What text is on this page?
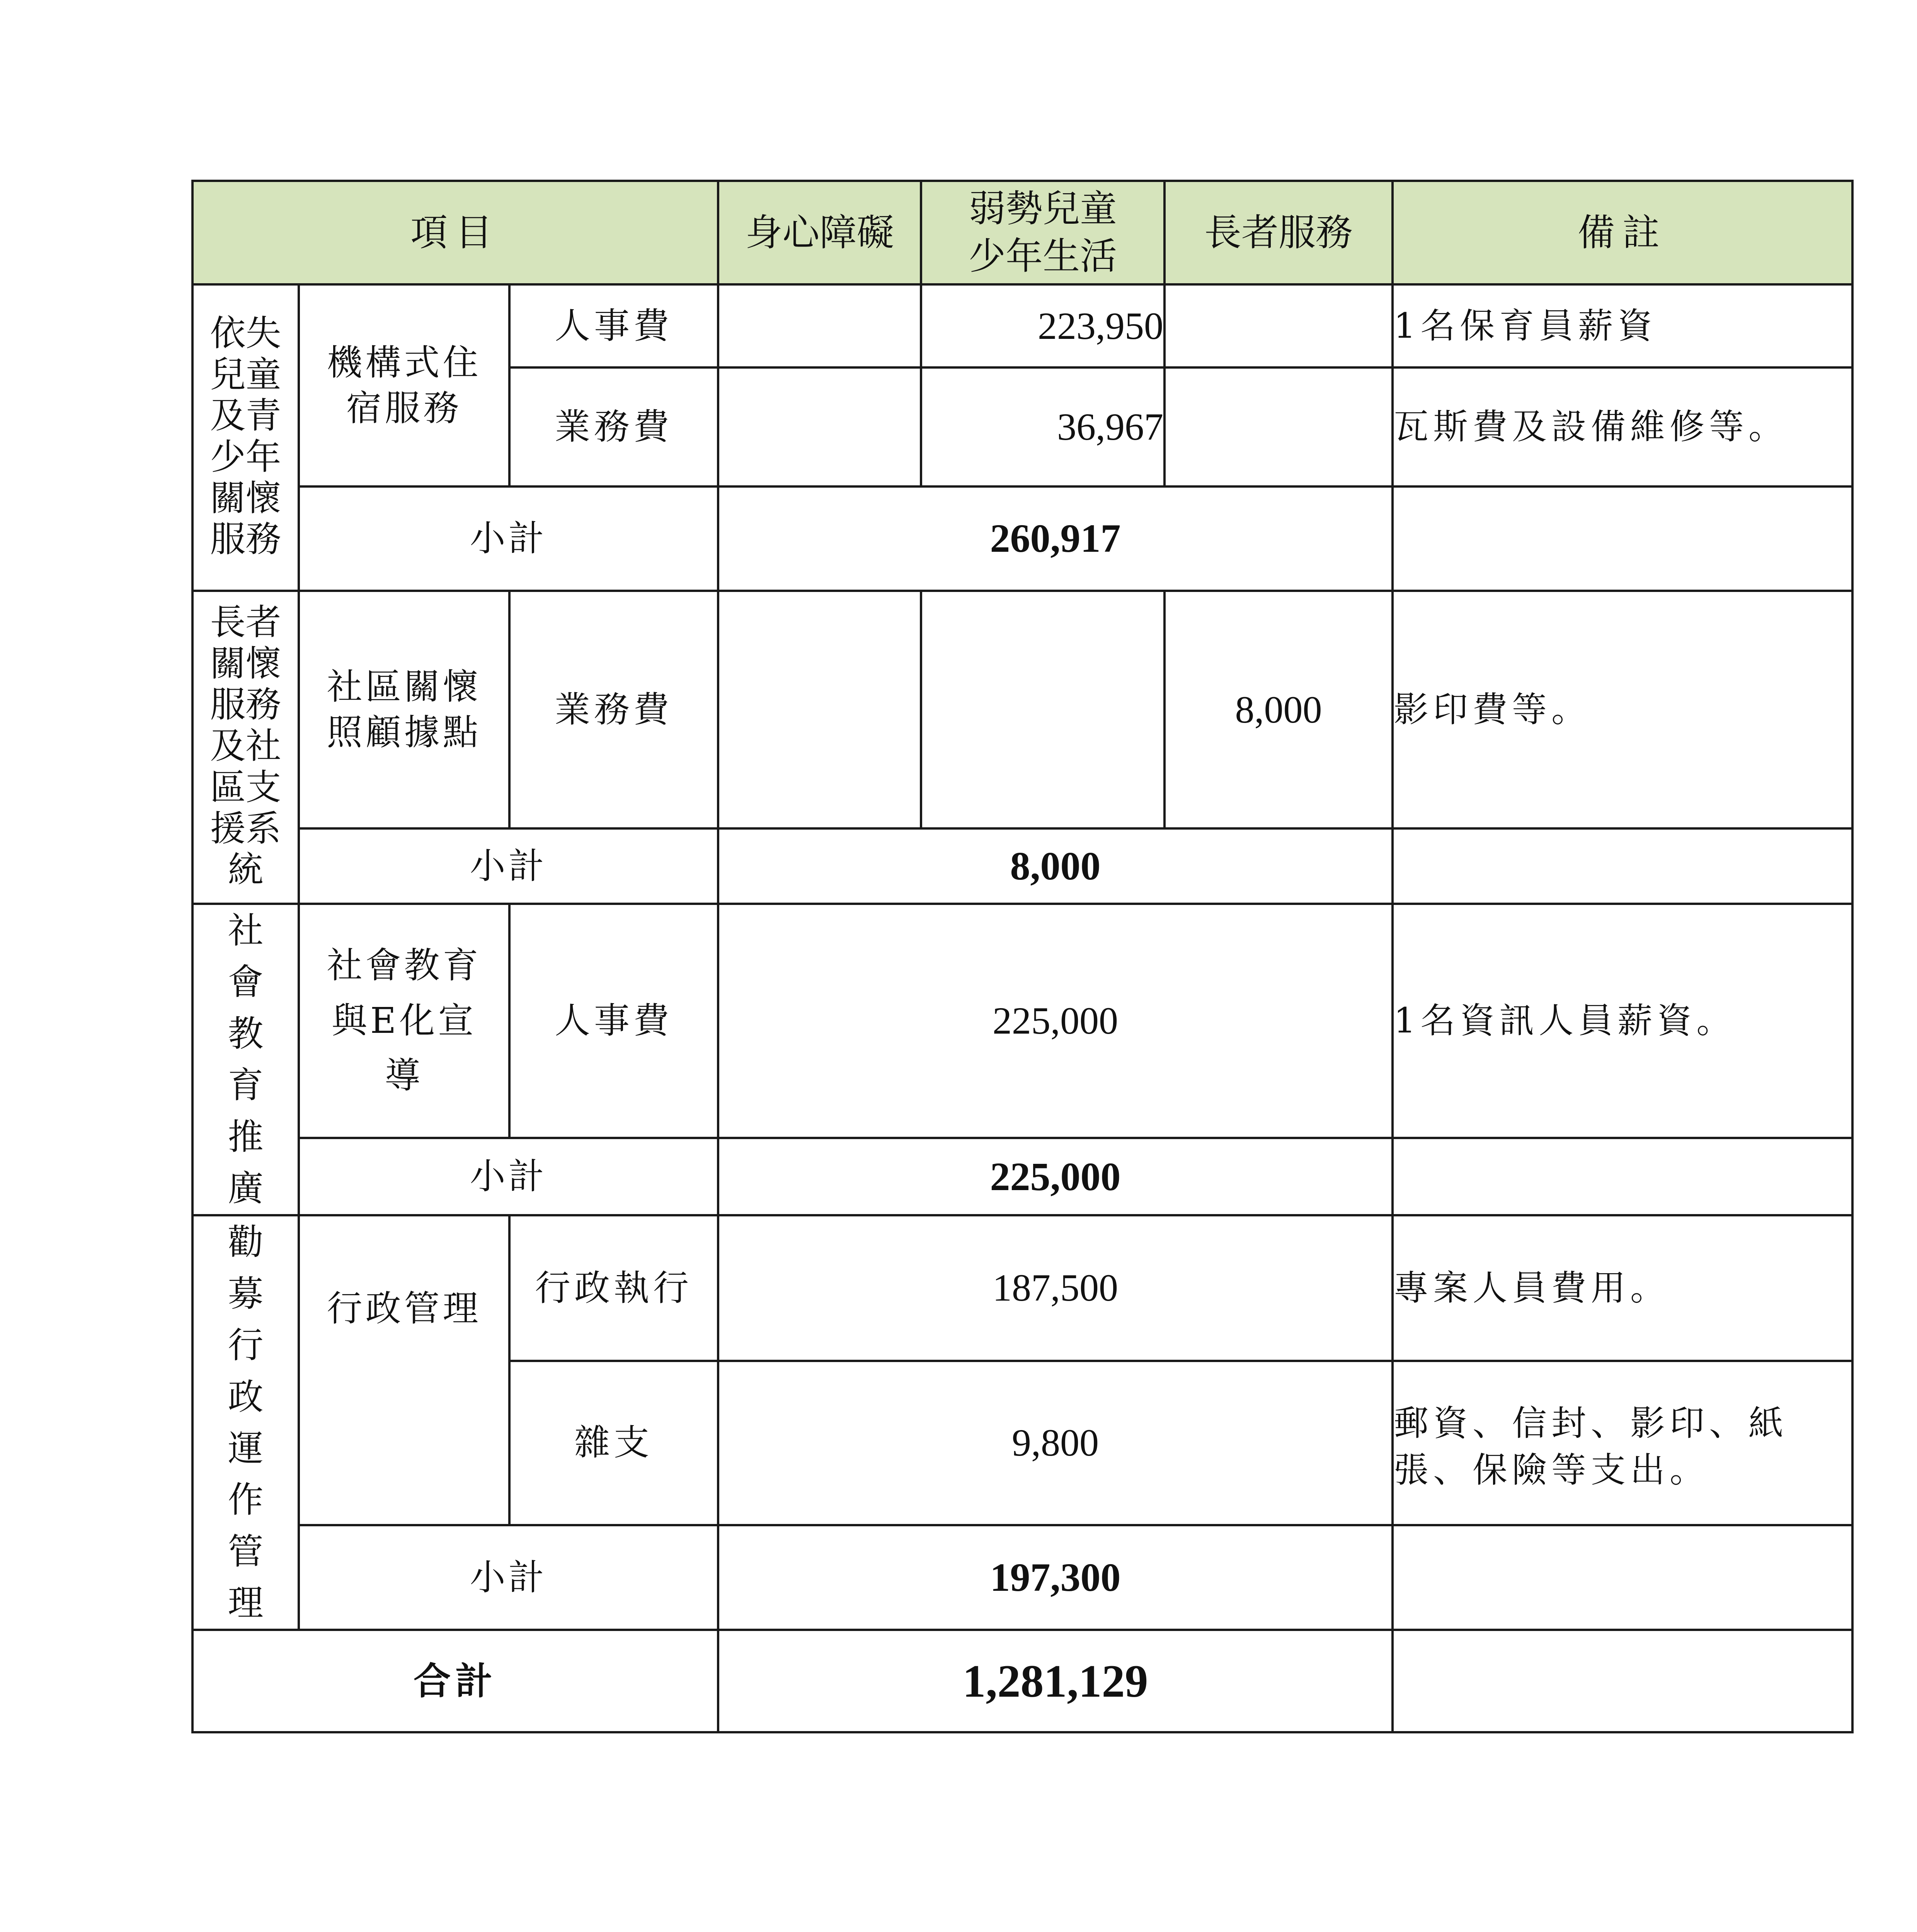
項目			身心障礙	弱勢兒童少年生活	長者服務	備註
依失兒童及青少年關懷服務	機構式住宿服務	人事費		223,950		1名保育員薪資
		業務費		36,967		瓦斯費及設備維修等。
	小計		260,917			
長者關懷服務及社區支援系統	社區關懷照顧據點	業務費			8,000	影印費等。
	小計		8,000			
社會教育推廣	社會教育與E化宣導	人事費	225,000			1名資訊人員薪資。
	小計		225,000			
勸募行政運作管理	行政管理	行政執行	187,500			專案人員費用。
		雜支	9,800			郵資、信封、影印、紙張、保險等支出。
	小計		197,300			
合計			1,281,129			
